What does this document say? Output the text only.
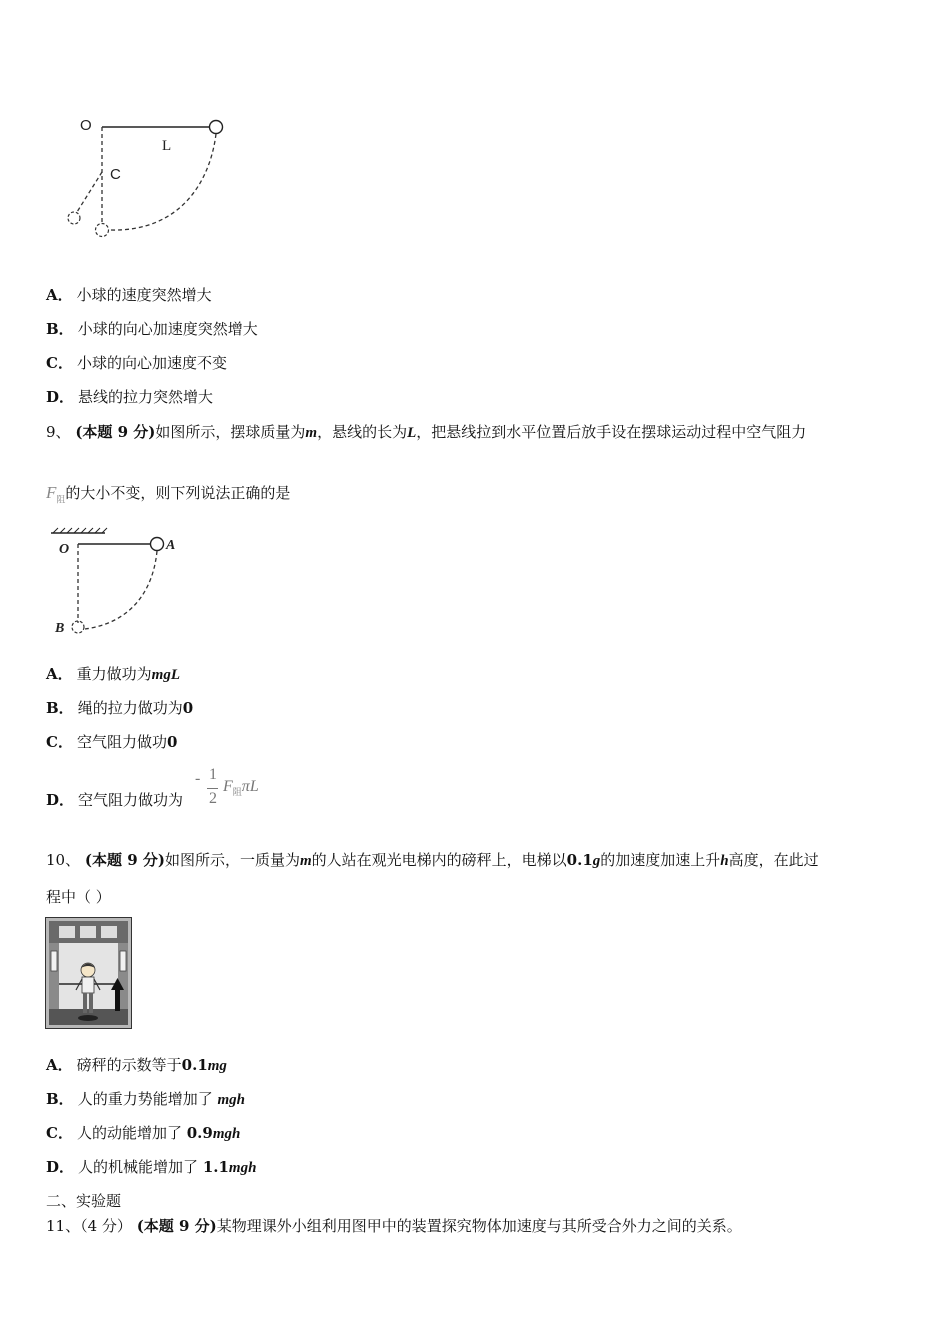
O
L
C
A． 小球的速度突然增大
B． 小球的向心加速度突然增大
C． 小球的向心加速度不变
D． 悬线的拉力突然增大
9、 (本题 9 分)如图所示，摆球质量为m，悬线的长为L，把悬线拉到水平位置后放手设在摆球运动过程中空气阻力
$F_阻$的大小不变，则下列说法正确的是
O	A
B
A． 重力做功为mgL
B． 绳的拉力做功为0
C． 空气阻力做功0
D． 空气阻力做功为
- 1
2
$F_阻\pi L$
10、 (本题 9 分)如图所示，一质量为m的人站在观光电梯内的磅秤上，电梯以0.1g的加速度加速上升h高度，在此过
程中（ ）
A． 磅秤的示数等于0.1mg
B． 人的重力势能增加了 mgh
C． 人的动能增加了 0.9mgh
D． 人的机械能增加了 1.1mgh
二、实验题
11、（4 分） (本题 9 分)某物理课外小组利用图甲中的装置探究物体加速度与其所受合外力之间的关系。
